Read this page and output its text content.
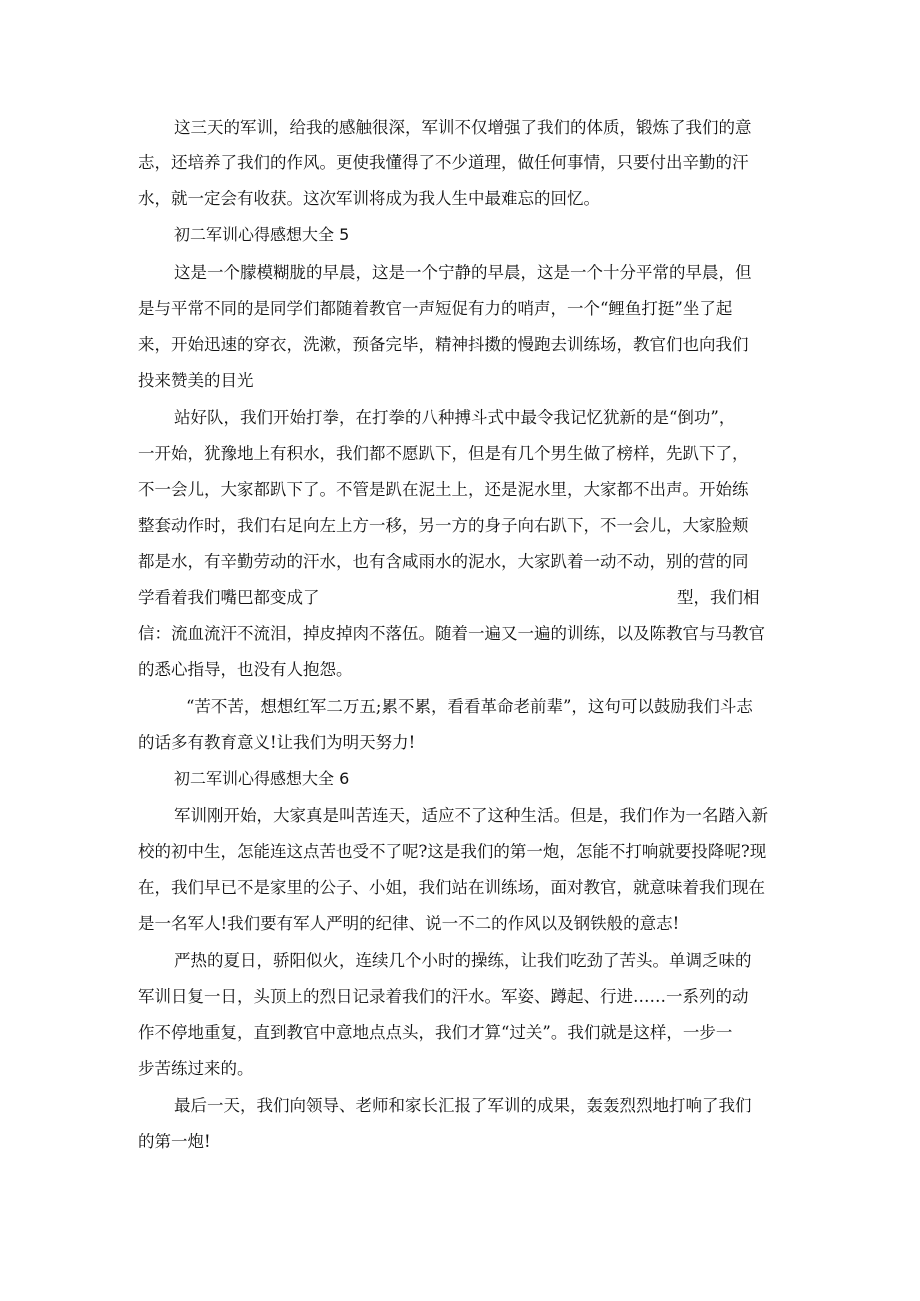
这三天的军训，给我的感触很深，军训不仅增强了我们的体质，锻炼了我们的意
志，还培养了我们的作风。更使我懂得了不少道理，做任何事情，只要付出辛勤的汗
水，就一定会有收获。这次军训将成为我人生中最难忘的回忆。
初二军训心得感想大全 5
这是一个朦模糊胧的早晨，这是一个宁静的早晨，这是一个十分平常的早晨，但
是与平常不同的是同学们都随着教官一声短促有力的哨声，一个“鲤鱼打挺”坐了起
来，开始迅速的穿衣，洗漱，预备完毕，精神抖擞的慢跑去训练场，教官们也向我们
投来赞美的目光
站好队，我们开始打拳，在打拳的八种搏斗式中最令我记忆犹新的是“倒功”，
一开始，犹豫地上有积水，我们都不愿趴下，但是有几个男生做了榜样，先趴下了，
不一会儿，大家都趴下了。不管是趴在泥土上，还是泥水里，大家都不出声。开始练
整套动作时，我们右足向左上方一移，另一方的身子向右趴下，不一会儿，大家脸颊
都是水，有辛勤劳动的汗水，也有含咸雨水的泥水，大家趴着一动不动，别的营的同
学看着我们嘴巴都变成了	型，我们相
信：流血流汗不流泪，掉皮掉肉不落伍。随着一遍又一遍的训练，以及陈教官与马教官
的悉心指导，也没有人抱怨。
“苦不苦，想想红军二万五;累不累，看看革命老前辈”，这句可以鼓励我们斗志
的话多有教育意义!让我们为明天努力!
初二军训心得感想大全 6
军训刚开始，大家真是叫苦连天，适应不了这种生活。但是，我们作为一名踏入新
校的初中生，怎能连这点苦也受不了呢?这是我们的第一炮，怎能不打响就要投降呢?现
在，我们早已不是家里的公子、小姐，我们站在训练场，面对教官，就意味着我们现在
是一名军人!我们要有军人严明的纪律、说一不二的作风以及钢铁般的意志!
严热的夏日，骄阳似火，连续几个小时的操练，让我们吃劲了苦头。单调乏味的
军训日复一日，头顶上的烈日记录着我们的汗水。军姿、蹲起、行进……一系列的动
作不停地重复，直到教官中意地点点头，我们才算“过关”。我们就是这样，一步一
步苦练过来的。
最后一天，我们向领导、老师和家长汇报了军训的成果，轰轰烈烈地打响了我们
的第一炮!
